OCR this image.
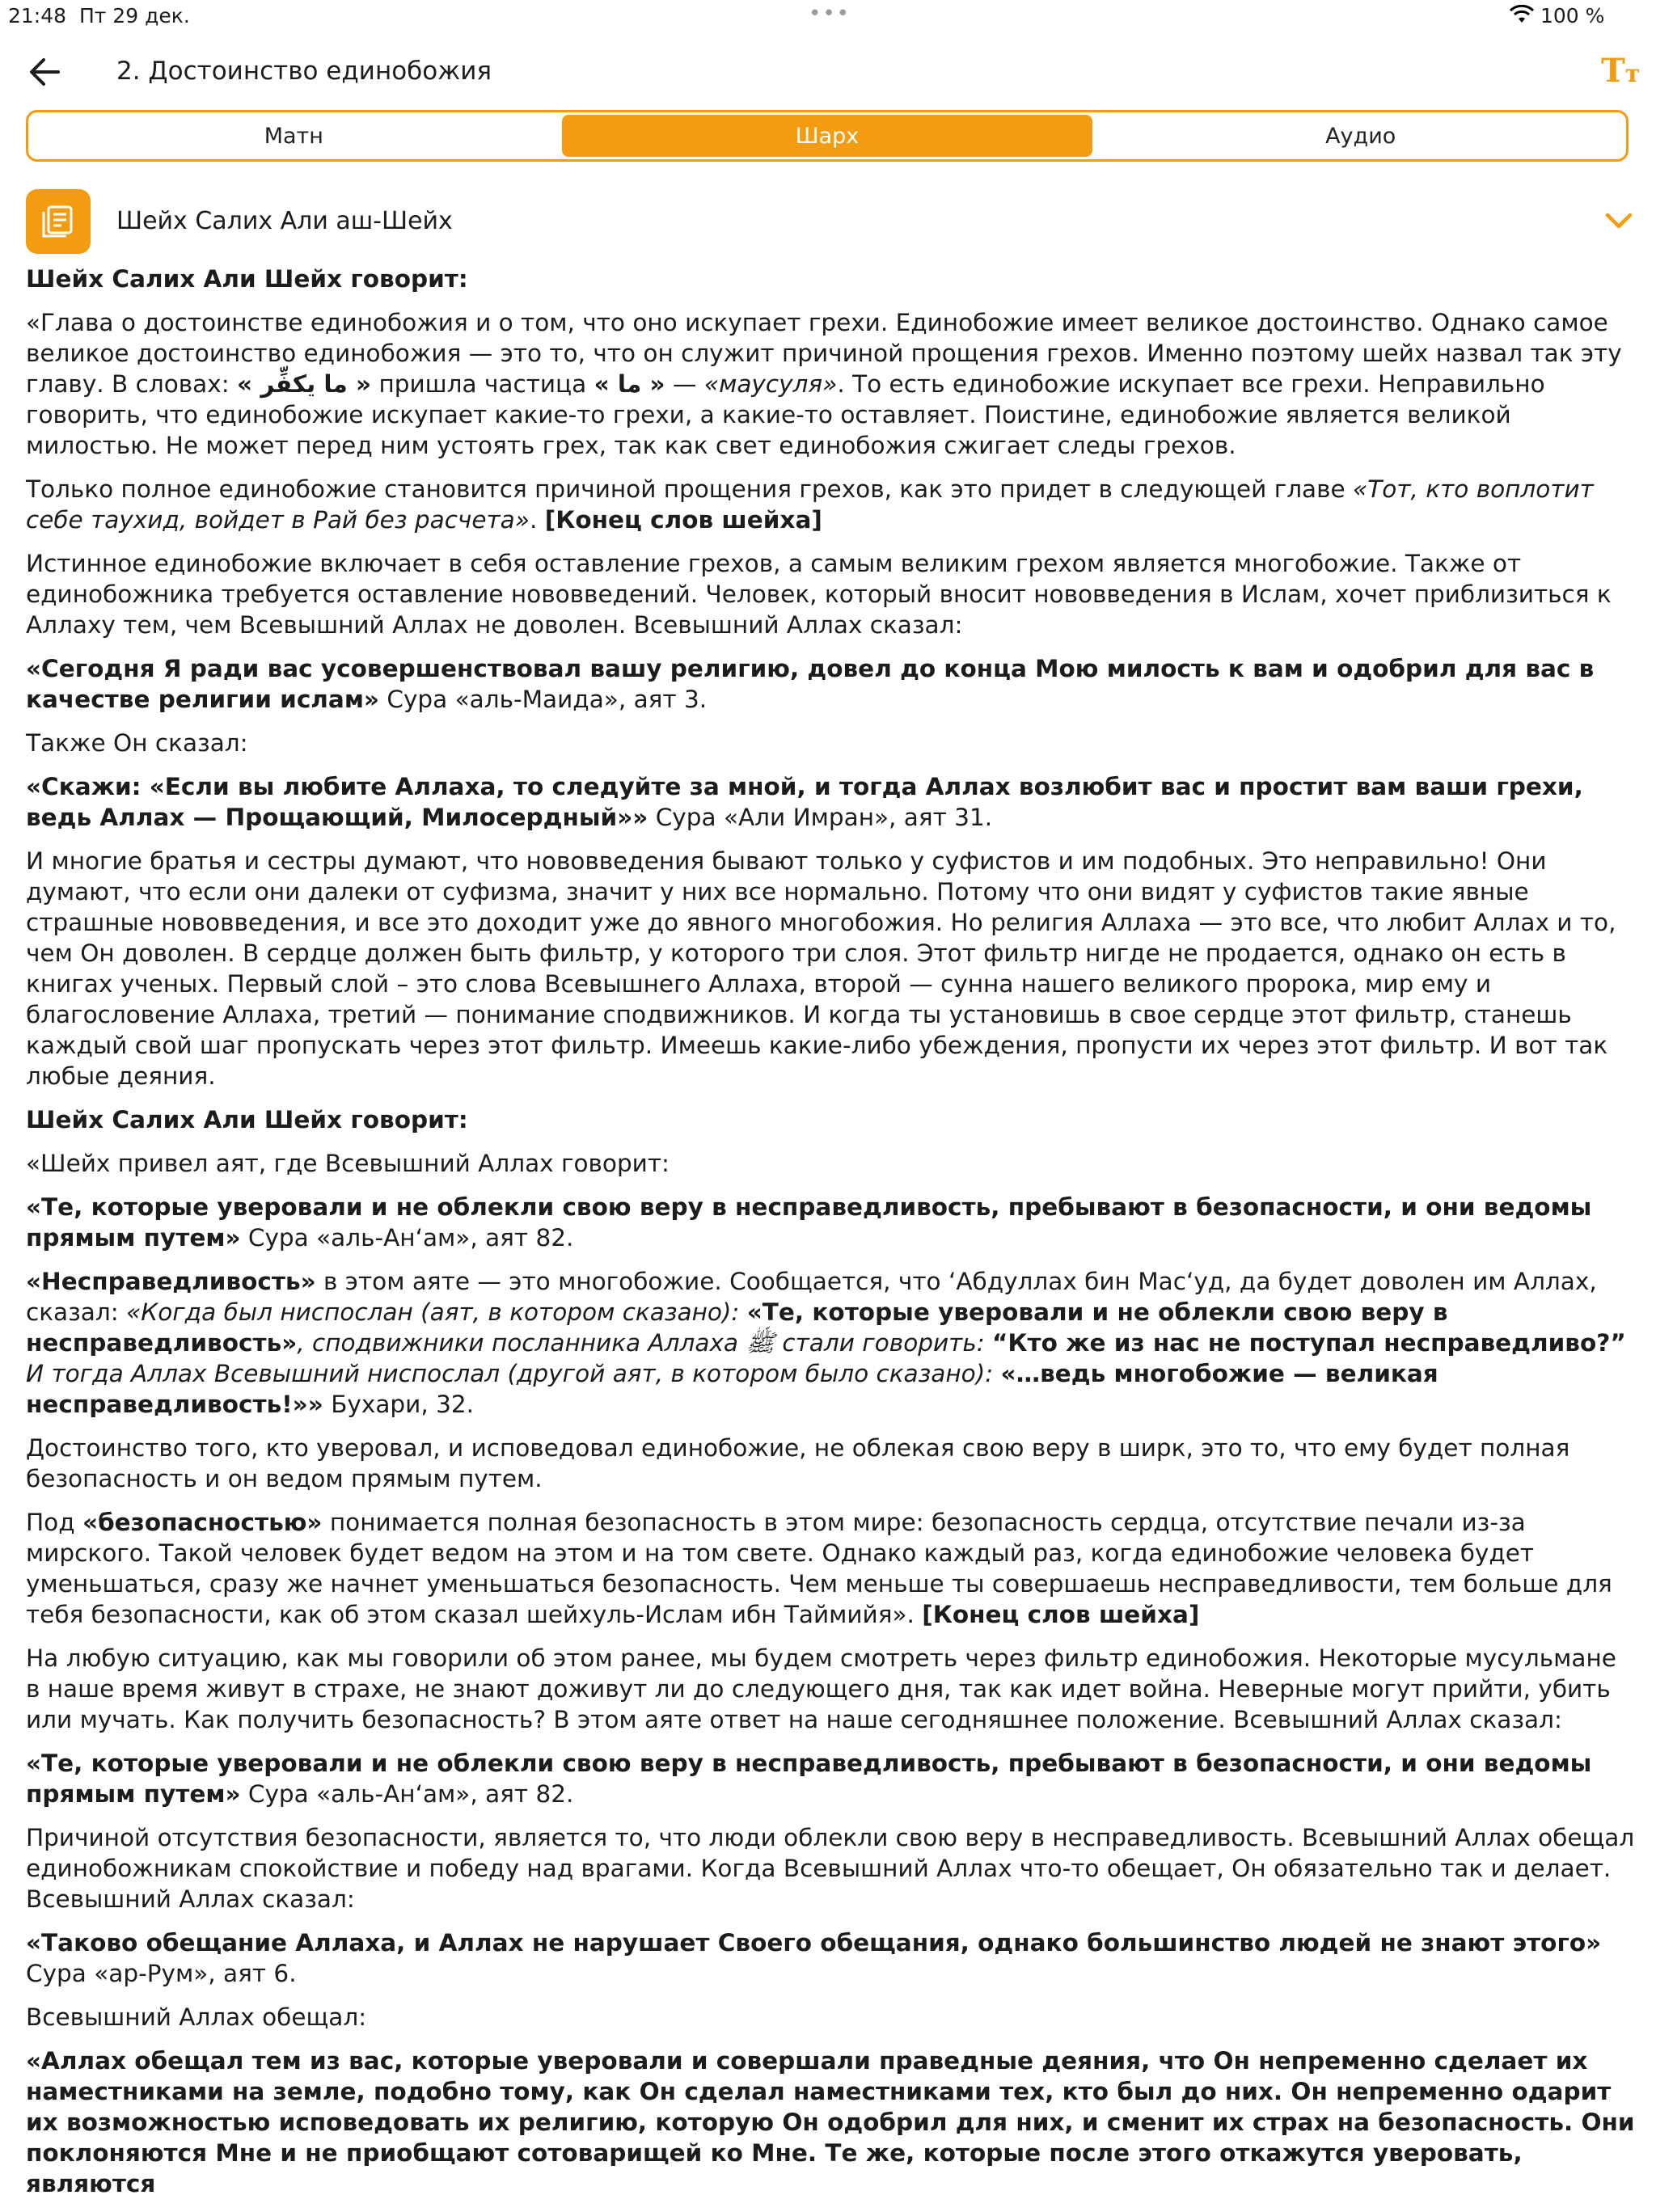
21:48 Пт 29 дек.	•••	100 %
2. Достоинство единобожия	Tт
Матн	Шарх	Аудио
Шейх Салих Али аш-Шейх

Шейх Салих Али Шейх говорит:

«Глава о достоинстве единобожия и о том, что оно искупает грехи. Единобожие имеет великое достоинство. Однако самое великое достоинство единобожия — это то, что он служит причиной прощения грехов. Именно поэтому шейх назвал так эту главу. В словах: « ما يكفِّر » пришла частица « ما » — «маусуля». То есть единобожие искупает все грехи. Неправильно говорить, что единобожие искупает какие-то грехи, а какие-то оставляет. Поистине, единобожие является великой милостью. Не может перед ним устоять грех, так как свет единобожия сжигает следы грехов.

Только полное единобожие становится причиной прощения грехов, как это придет в следующей главе «Тот, кто воплотит себе таухид, войдет в Рай без расчета». [Конец слов шейха]

Истинное единобожие включает в себя оставление грехов, а самым великим грехом является многобожие. Также от единобожника требуется оставление нововведений. Человек, который вносит нововведения в Ислам, хочет приблизиться к Аллаху тем, чем Всевышний Аллах не доволен. Всевышний Аллах сказал:

«Сегодня Я ради вас усовершенствовал вашу религию, довел до конца Мою милость к вам и одобрил для вас в качестве религии ислам» Сура «аль-Маида», аят 3.

Также Он сказал:

«Скажи: «Если вы любите Аллаха, то следуйте за мной, и тогда Аллах возлюбит вас и простит вам ваши грехи, ведь Аллах — Прощающий, Милосердный»» Сура «Али Имран», аят 31.

И многие братья и сестры думают, что нововведения бывают только у суфистов и им подобных. Это неправильно! Они думают, что если они далеки от суфизма, значит у них все нормально. Потому что они видят у суфистов такие явные страшные нововведения, и все это доходит уже до явного многобожия. Но религия Аллаха — это все, что любит Аллах и то, чем Он доволен. В сердце должен быть фильтр, у которого три слоя. Этот фильтр нигде не продается, однако он есть в книгах ученых. Первый слой – это слова Всевышнего Аллаха, второй — сунна нашего великого пророка, мир ему и благословение Аллаха, третий — понимание сподвижников. И когда ты установишь в свое сердце этот фильтр, станешь каждый свой шаг пропускать через этот фильтр. Имеешь какие-либо убеждения, пропусти их через этот фильтр. И вот так любые деяния.

Шейх Салих Али Шейх говорит:

«Шейх привел аят, где Всевышний Аллах говорит:

«Те, которые уверовали и не облекли свою веру в несправедливость, пребывают в безопасности, и они ведомы прямым путем» Сура «аль-Ан‘ам», аят 82.

«Несправедливость» в этом аяте — это многобожие. Сообщается, что ‘Абдуллах бин Мас‘уд, да будет доволен им Аллах, сказал: «Когда был ниспослан (аят, в котором сказано): «Те, которые уверовали и не облекли свою веру в несправедливость», сподвижники посланника Аллаха ﷺ стали говорить: “Кто же из нас не поступал несправедливо?” И тогда Аллах Всевышний ниспослал (другой аят, в котором было сказано): «…ведь многобожие — великая несправедливость!»» Бухари, 32.

Достоинство того, кто уверовал, и исповедовал единобожие, не облекая свою веру в ширк, это то, что ему будет полная безопасность и он ведом прямым путем.

Под «безопасностью» понимается полная безопасность в этом мире: безопасность сердца, отсутствие печали из-за мирского. Такой человек будет ведом на этом и на том свете. Однако каждый раз, когда единобожие человека будет уменьшаться, сразу же начнет уменьшаться безопасность. Чем меньше ты совершаешь несправедливости, тем больше для тебя безопасности, как об этом сказал шейхуль-Ислам ибн Таймийя». [Конец слов шейха]

На любую ситуацию, как мы говорили об этом ранее, мы будем смотреть через фильтр единобожия. Некоторые мусульмане в наше время живут в страхе, не знают доживут ли до следующего дня, так как идет война. Неверные могут прийти, убить или мучать. Как получить безопасность? В этом аяте ответ на наше сегодняшнее положение. Всевышний Аллах сказал:

«Те, которые уверовали и не облекли свою веру в несправедливость, пребывают в безопасности, и они ведомы прямым путем» Сура «аль-Ан‘ам», аят 82.

Причиной отсутствия безопасности, является то, что люди облекли свою веру в несправедливость. Всевышний Аллах обещал единобожникам спокойствие и победу над врагами. Когда Всевышний Аллах что-то обещает, Он обязательно так и делает. Всевышний Аллах сказал:

«Таково обещание Аллаха, и Аллах не нарушает Своего обещания, однако большинство людей не знают этого» Сура «ар-Рум», аят 6.

Всевышний Аллах обещал:

«Аллах обещал тем из вас, которые уверовали и совершали праведные деяния, что Он непременно сделает их наместниками на земле, подобно тому, как Он сделал наместниками тех, кто был до них. Он непременно одарит их возможностью исповедовать их религию, которую Он одобрил для них, и сменит их страх на безопасность. Они поклоняются Мне и не приобщают сотоварищей ко Мне. Те же, которые после этого откажутся уверовать, являются
